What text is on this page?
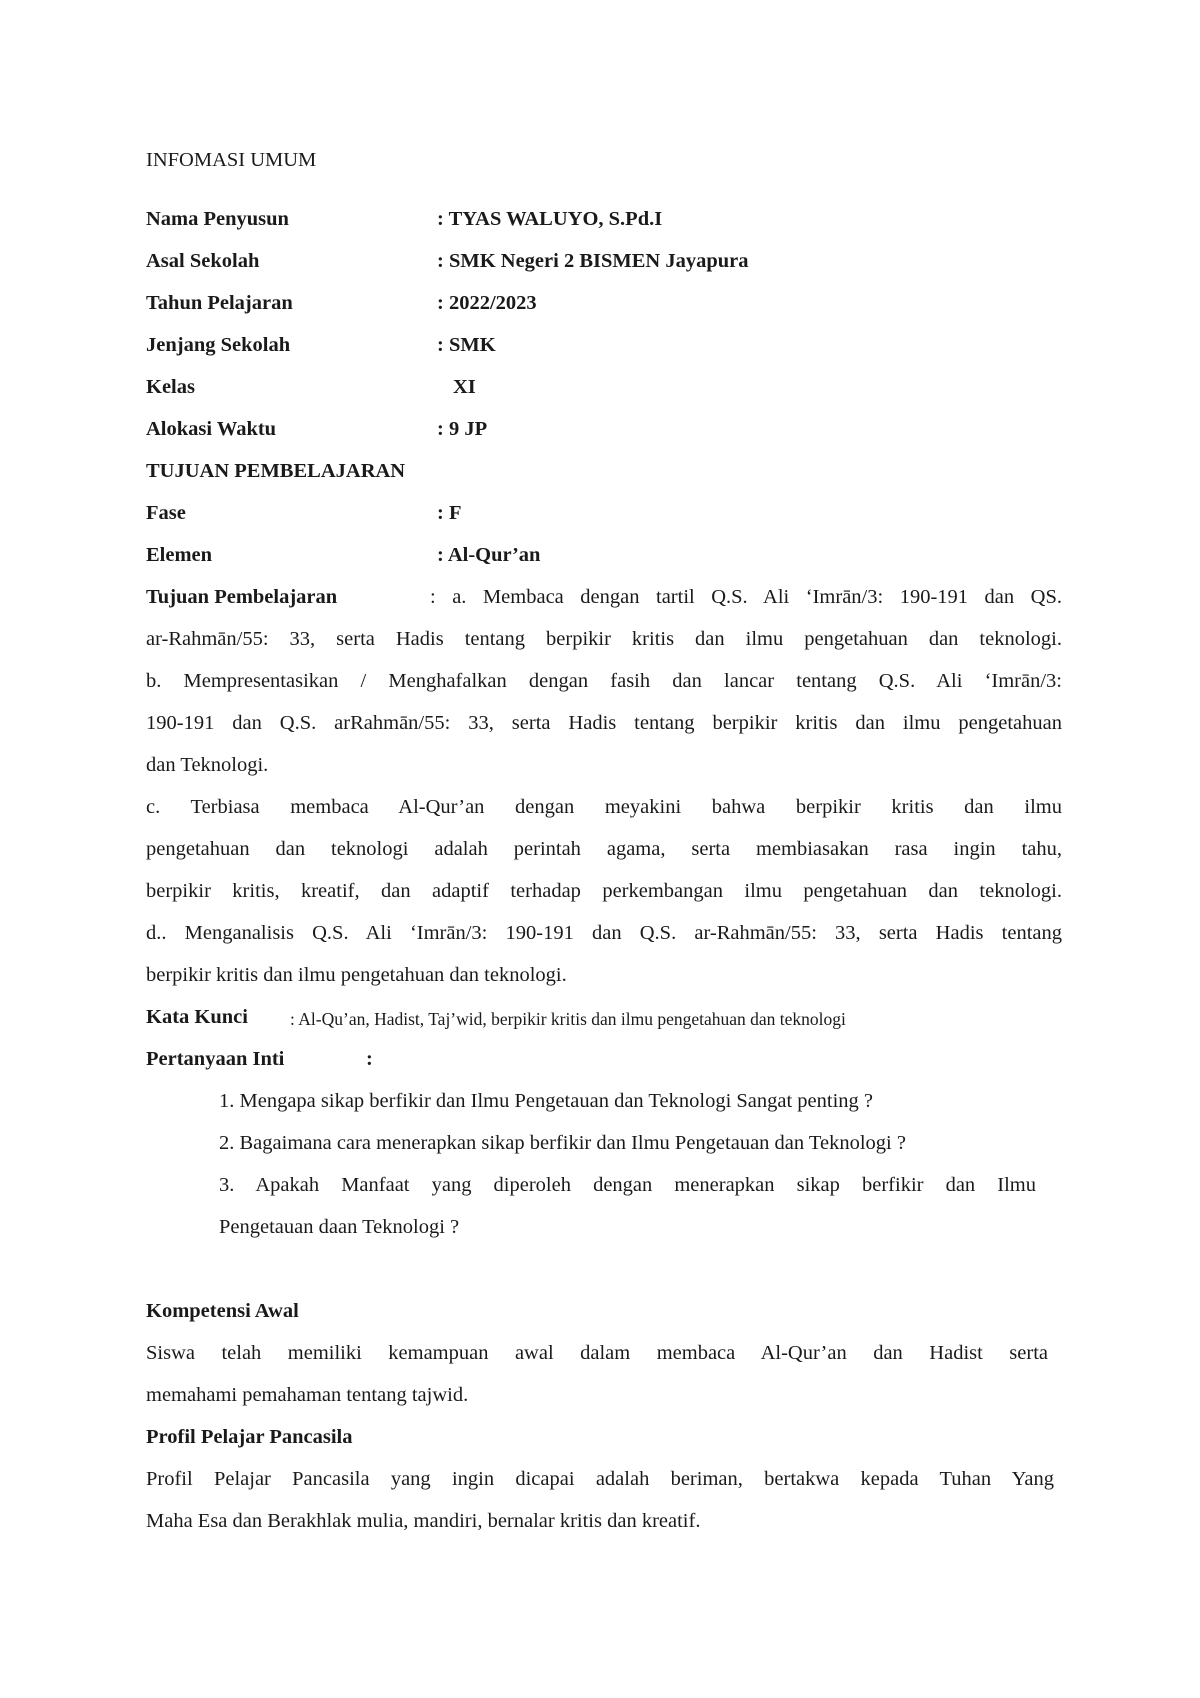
INFOMASI UMUM
Nama Penyusun	: TYAS WALUYO, S.Pd.I
Asal Sekolah	: SMK Negeri 2 BISMEN Jayapura
Tahun Pelajaran	: 2022/2023
Jenjang Sekolah	: SMK
Kelas	XI
Alokasi Waktu	: 9 JP
TUJUAN PEMBELAJARAN
Fase	: F
Elemen	: Al-Qur’an
Tujuan Pembelajaran	: a. Membaca dengan tartil Q.S. Ali ‘Imrān/3: 190-191 dan QS.
ar-Rahmān/55: 33, serta Hadis tentang berpikir kritis dan ilmu pengetahuan dan teknologi.
b. Mempresentasikan / Menghafalkan dengan fasih dan lancar tentang Q.S. Ali ‘Imrān/3:
190-191 dan Q.S. arRahmān/55: 33, serta Hadis tentang berpikir kritis dan ilmu pengetahuan
dan Teknologi.
c. Terbiasa membaca Al-Qur’an dengan meyakini bahwa berpikir kritis dan ilmu
pengetahuan dan teknologi adalah perintah agama, serta membiasakan rasa ingin tahu,
berpikir kritis, kreatif, dan adaptif terhadap perkembangan ilmu pengetahuan dan teknologi.
d.. Menganalisis Q.S. Ali ‘Imrān/3: 190-191 dan Q.S. ar-Rahmān/55: 33, serta Hadis tentang
berpikir kritis dan ilmu pengetahuan dan teknologi.
Kata Kunci : Al-Qu’an, Hadist, Taj’wid, berpikir kritis dan ilmu pengetahuan dan teknologi
Pertanyaan Inti	:
1. Mengapa sikap berfikir dan Ilmu Pengetauan dan Teknologi Sangat penting ?
2. Bagaimana cara menerapkan sikap berfikir dan Ilmu Pengetauan dan Teknologi ?
3. Apakah Manfaat yang diperoleh dengan menerapkan sikap berfikir dan Ilmu
Pengetauan daan Teknologi ?
Kompetensi Awal
Siswa telah memiliki kemampuan awal dalam membaca Al-Qur’an dan Hadist serta
memahami pemahaman tentang tajwid.
Profil Pelajar Pancasila
Profil Pelajar Pancasila yang ingin dicapai adalah beriman, bertakwa kepada Tuhan Yang
Maha Esa dan Berakhlak mulia, mandiri, bernalar kritis dan kreatif.
